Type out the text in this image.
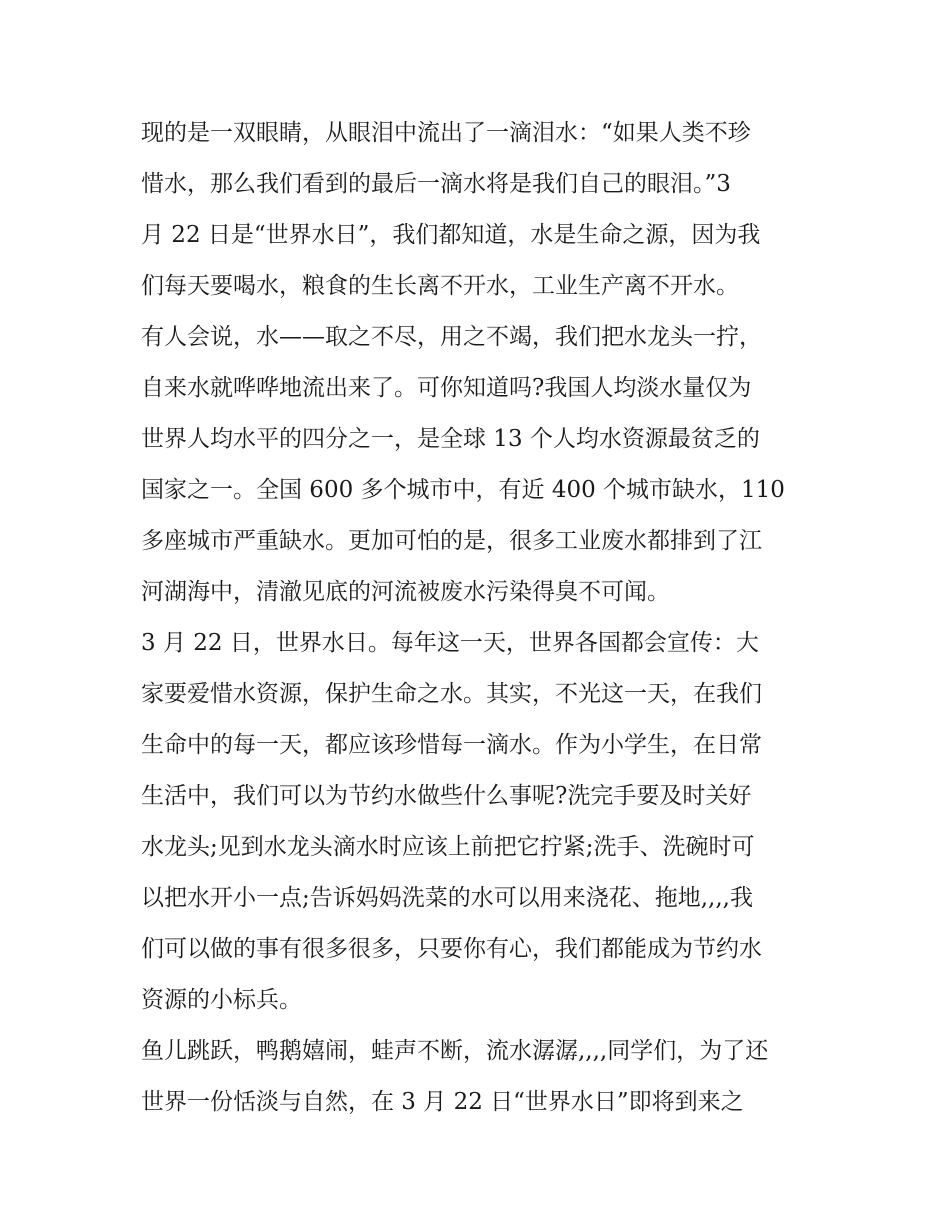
现的是一双眼睛，从眼泪中流出了一滴泪水：“如果人类不珍
惜水，那么我们看到的最后一滴水将是我们自己的眼泪。”3
月 22 日是“世界水日”，我们都知道，水是生命之源，因为我
们每天要喝水，粮食的生长离不开水，工业生产离不开水。
有人会说，水——取之不尽，用之不竭，我们把水龙头一拧，
自来水就哗哗地流出来了。可你知道吗?我国人均淡水量仅为
世界人均水平的四分之一，是全球 13 个人均水资源最贫乏的
国家之一。全国 600 多个城市中，有近 400 个城市缺水，110
多座城市严重缺水。更加可怕的是，很多工业废水都排到了江
河湖海中，清澈见底的河流被废水污染得臭不可闻。
3 月 22 日，世界水日。每年这一天，世界各国都会宣传：大
家要爱惜水资源，保护生命之水。其实，不光这一天，在我们
生命中的每一天，都应该珍惜每一滴水。作为小学生，在日常
生活中，我们可以为节约水做些什么事呢?洗完手要及时关好
水龙头;见到水龙头滴水时应该上前把它拧紧;洗手、洗碗时可
以把水开小一点;告诉妈妈洗菜的水可以用来浇花、拖地,,,,我
们可以做的事有很多很多，只要你有心，我们都能成为节约水
资源的小标兵。
鱼儿跳跃，鸭鹅嬉闹，蛙声不断，流水潺潺,,,,同学们，为了还
世界一份恬淡与自然，在 3 月 22 日“世界水日”即将到来之
